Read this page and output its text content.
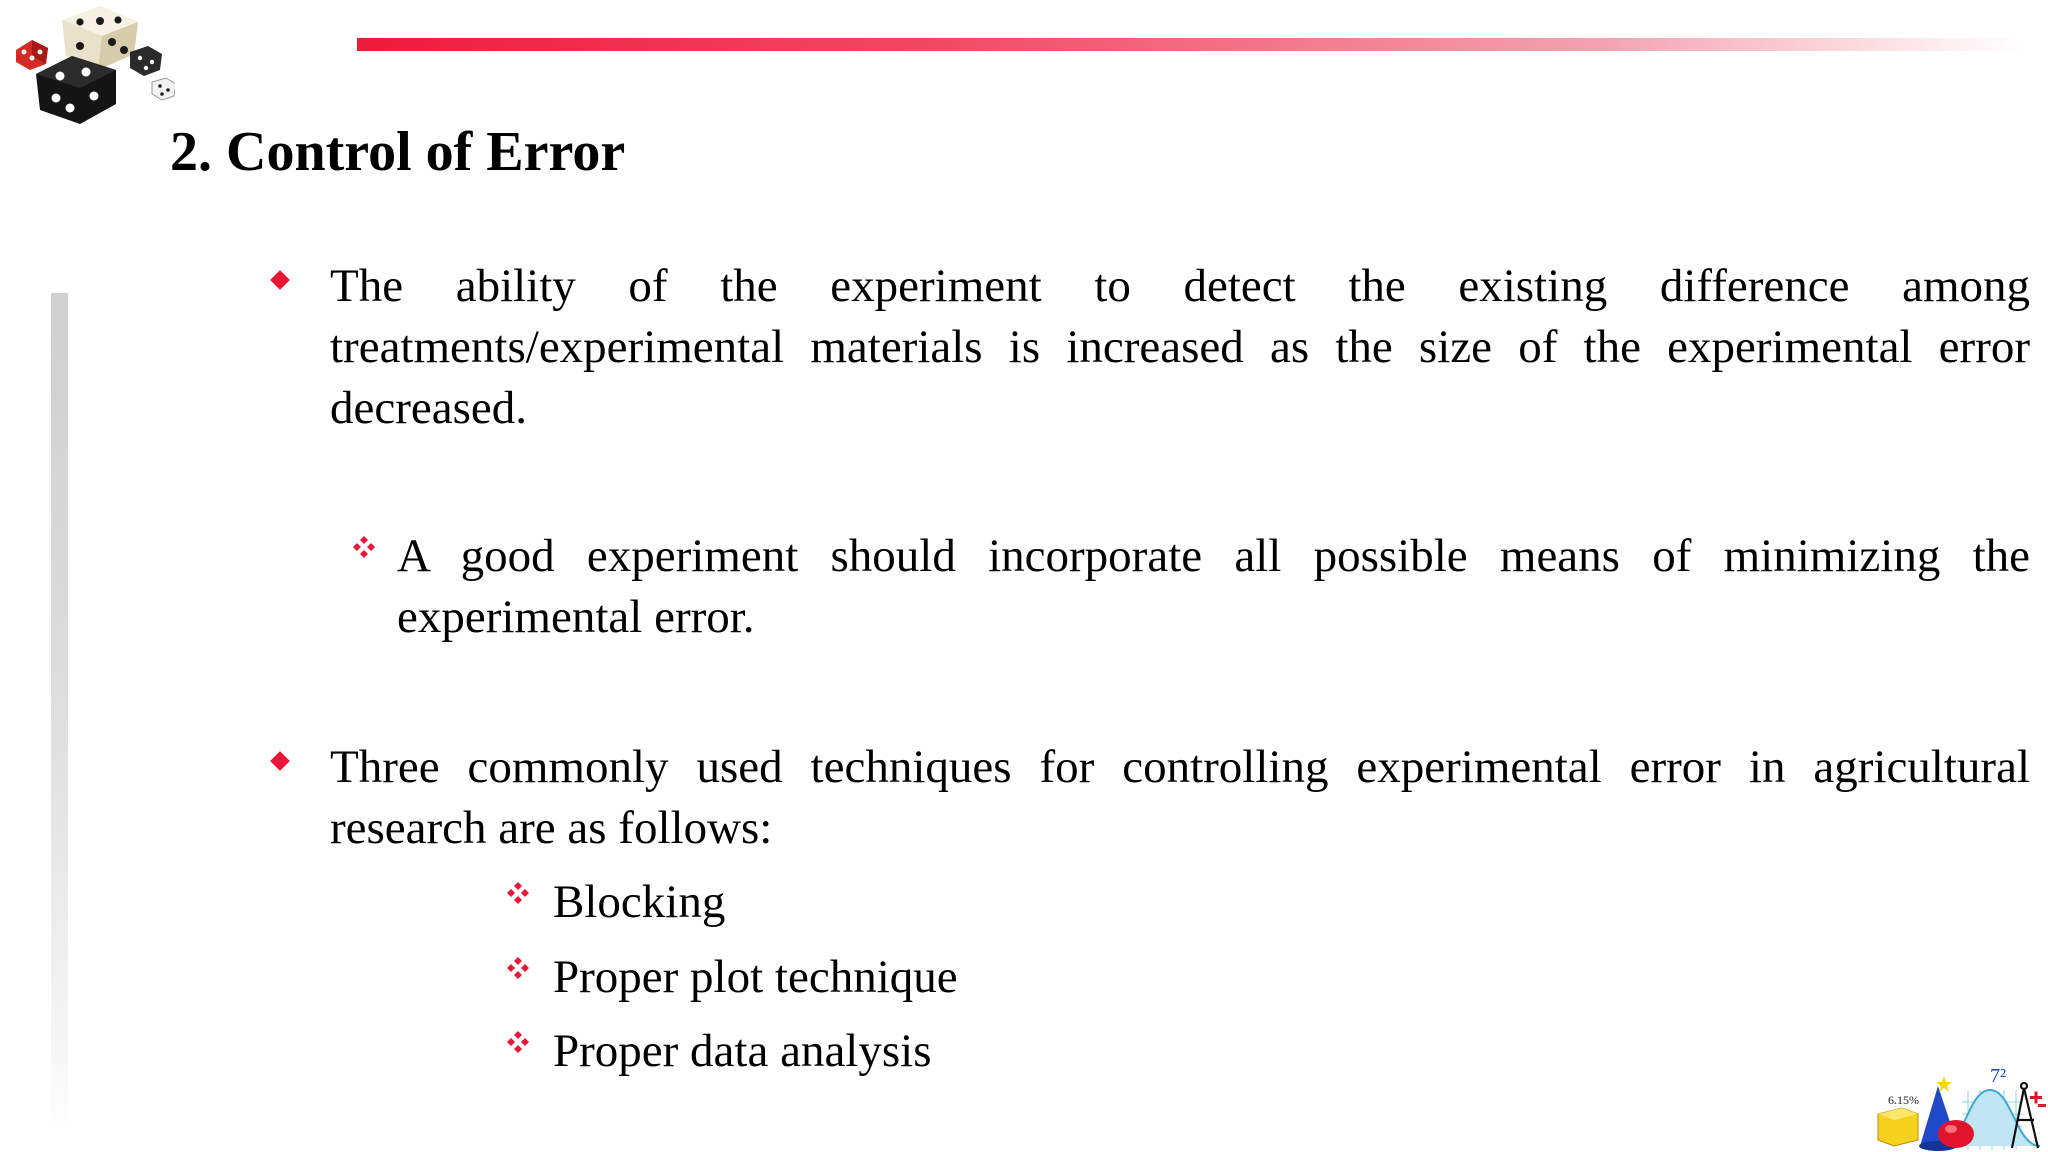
2. Control of Error
The ability of the experiment to detect the existing difference among treatments/experimental materials is increased as the size of the experimental error decreased.
A good experiment should incorporate all possible means of minimizing the experimental error.
Three commonly used techniques for controlling experimental error in agricultural research are as follows:
Blocking
Proper plot technique
Proper data analysis
6.15%
7²
